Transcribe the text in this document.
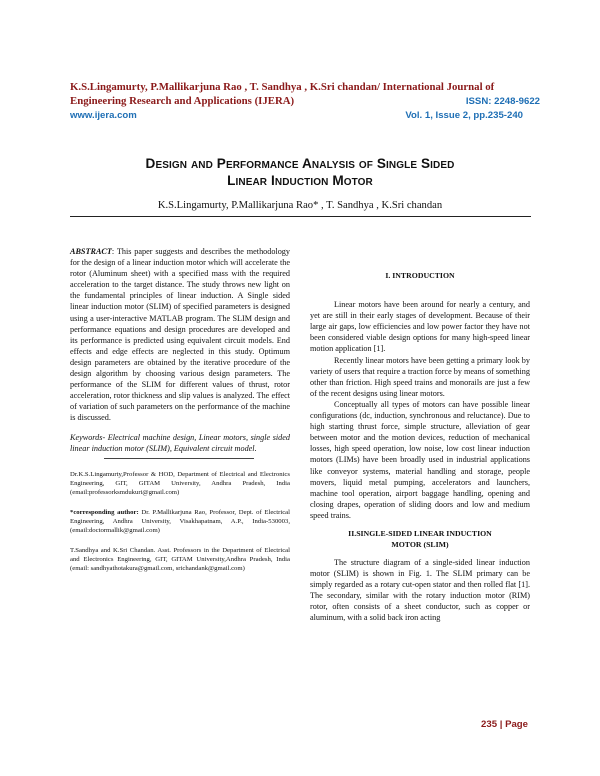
K.S.Lingamurty, P.Mallikarjuna Rao , T. Sandhya , K.Sri chandan/ International Journal of
Engineering Research and Applications (IJERA)	ISSN: 2248-9622
www.ijera.com	Vol. 1, Issue 2, pp.235-240
Design and Performance Analysis of Single Sided
Linear Induction Motor
K.S.Lingamurty, P.Mallikarjuna Rao* , T. Sandhya , K.Sri chandan

ABSTRACT: This paper suggests and describes the methodology for the design of a linear induction motor which will accelerate the rotor (Aluminum sheet) with a specified mass with the required acceleration to the target distance. The study throws new light on the fundamental principles of linear induction. A Single sided linear induction motor (SLIM) of specified parameters is designed using a user-interactive MATLAB program. The SLIM design and performance equations and design procedures are developed and its performance is predicted using equivalent circuit models. End effects and edge effects are neglected in this study. Optimum design parameters are obtained by the iterative procedure of the design algorithm by choosing various design parameters. The performance of the SLIM for different values of thrust, rotor acceleration, rotor thickness and slip values is analyzed. The effect of variation of such parameters on the performance of the machine is discussed.

Keywords- Electrical machine design, Linear motors, single sided linear induction motor (SLIM), Equivalent circuit model.

Dr.K.S.Lingamurty,Professor & HOD, Department of Electrical and Electronics Engineering, GIT, GITAM University, Andhra Pradesh, India (email:professorksmdukuri@gmail.com)

*corresponding author: Dr. P.Mallikarjuna Rao, Professor, Dept. of Electrical Engineering, Andhra University, Visakhapatnam, A.P., India-530003, (email:doctormallik@gmail.com)

T.Sandhya and K.Sri Chandan. Asst. Professors in the Department of Electrical and Electronics Engineering, GIT, GITAM University,Andhra Pradesh, India (email: sandhyathotakura@gmail.com, srichandank@gmail.com)

I. INTRODUCTION

Linear motors have been around for nearly a century, and yet are still in their early stages of development. Because of their large air gaps, low efficiencies and low power factor they have not been considered viable design options for many high-speed linear motion application [1].

Recently linear motors have been getting a primary look by variety of users that require a traction force by means of something other than friction. High speed trains and monorails are just a few of the recent designs using linear motors.

Conceptually all types of motors can have possible linear configurations (dc, induction, synchronous and reluctance). Due to high starting thrust force, simple structure, alleviation of gear between motor and the motion devices, reduction of mechanical losses, high speed operation, low noise, low cost linear induction motors (LIMs) have been broadly used in industrial applications like conveyor systems, material handling and storage, people movers, liquid metal pumping, accelerators and launchers, machine tool operation, airport baggage handling, opening and closing drapes, operation of sliding doors and low and medium speed trains.

II.SINGLE-SIDED LINEAR INDUCTION
MOTOR (SLIM)

The structure diagram of a single-sided linear induction motor (SLIM) is shown in Fig. 1. The SLIM primary can be simply regarded as a rotary cut-open stator and then rolled flat [1]. The secondary, similar with the rotary induction motor (RIM) rotor, often consists of a sheet conductor, such as copper or aluminum, with a solid back iron acting

235 | Page
